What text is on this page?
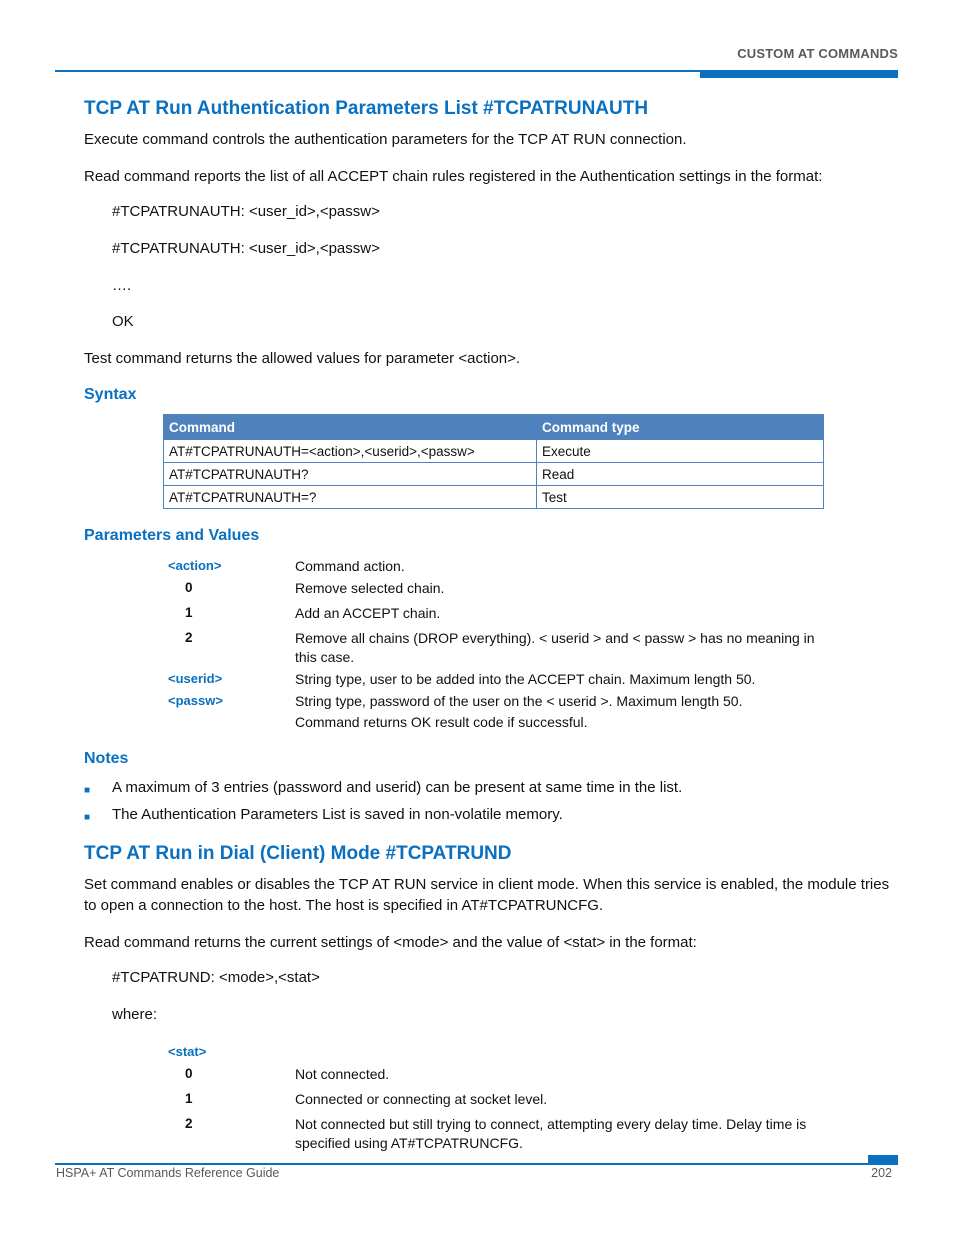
CUSTOM AT COMMANDS
TCP AT Run Authentication Parameters List #TCPATRUNAUTH
Execute command controls the authentication parameters for the TCP AT RUN connection.
Read command reports the list of all ACCEPT chain rules registered in the Authentication settings in the format:
#TCPATRUNAUTH: <user_id>,<passw>
#TCPATRUNAUTH: <user_id>,<passw>
….
OK
Test command returns the allowed values for parameter <action>.
Syntax
Command	Command type
AT#TCPATRUNAUTH=<action>,<userid>,<passw>	Execute
AT#TCPATRUNAUTH?	Read
AT#TCPATRUNAUTH=?	Test
Parameters and Values
<action>	Command action.
0	Remove selected chain.
1	Add an ACCEPT chain.
2	Remove all chains (DROP everything). < userid > and < passw > has no meaning in this case.
<userid>	String type, user to be added into the ACCEPT chain. Maximum length 50.
<passw>	String type, password of the user on the < userid >. Maximum length 50.
Command returns OK result code if successful.
Notes
■ A maximum of 3 entries (password and userid) can be present at same time in the list.
■ The Authentication Parameters List is saved in non-volatile memory.
TCP AT Run in Dial (Client) Mode #TCPATRUND
Set command enables or disables the TCP AT RUN service in client mode. When this service is enabled, the module tries to open a connection to the host. The host is specified in AT#TCPATRUNCFG.
Read command returns the current settings of <mode> and the value of <stat> in the format:
#TCPATRUND: <mode>,<stat>
where:
<stat>
0	Not connected.
1	Connected or connecting at socket level.
2	Not connected but still trying to connect, attempting every delay time. Delay time is specified using AT#TCPATRUNCFG.
HSPA+ AT Commands Reference Guide	202
